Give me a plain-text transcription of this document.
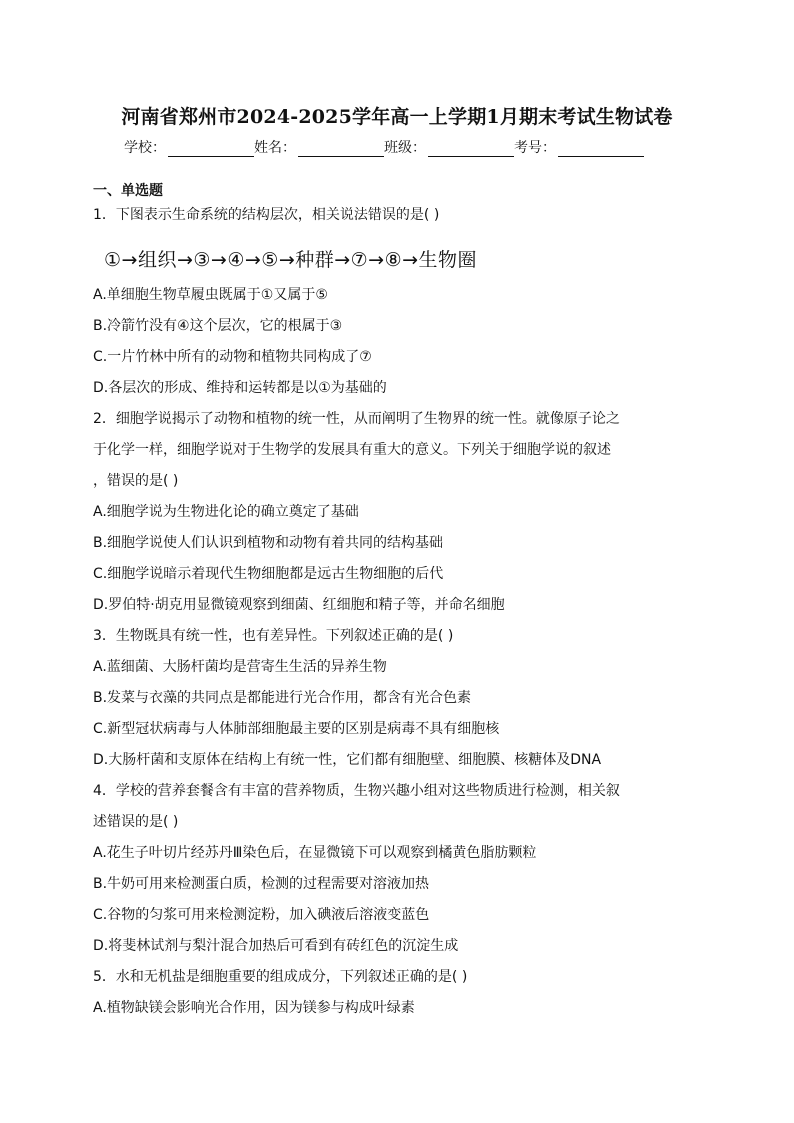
河南省郑州市2024-2025学年高一上学期1月期末考试生物试卷
学校：	姓名：	班级：	考号：
一、单选题
1．下图表示生命系统的结构层次，相关说法错误的是( )
①→组织→③→④→⑤→种群→⑦→⑧→生物圈
A.单细胞生物草履虫既属于①又属于⑤
B.冷箭竹没有④这个层次，它的根属于③
C.一片竹林中所有的动物和植物共同构成了⑦
D.各层次的形成、维持和运转都是以①为基础的
2．细胞学说揭示了动物和植物的统一性，从而阐明了生物界的统一性。就像原子论之
于化学一样，细胞学说对于生物学的发展具有重大的意义。下列关于细胞学说的叙述
，错误的是( )
A.细胞学说为生物进化论的确立奠定了基础
B.细胞学说使人们认识到植物和动物有着共同的结构基础
C.细胞学说暗示着现代生物细胞都是远古生物细胞的后代
D.罗伯特·胡克用显微镜观察到细菌、红细胞和精子等，并命名细胞
3．生物既具有统一性，也有差异性。下列叙述正确的是( )
A.蓝细菌、大肠杆菌均是营寄生生活的异养生物
B.发菜与衣藻的共同点是都能进行光合作用，都含有光合色素
C.新型冠状病毒与人体肺部细胞最主要的区别是病毒不具有细胞核
D.大肠杆菌和支原体在结构上有统一性，它们都有细胞壁、细胞膜、核糖体及DNA
4．学校的营养套餐含有丰富的营养物质，生物兴趣小组对这些物质进行检测，相关叙
述错误的是( )
A.花生子叶切片经苏丹Ⅲ染色后，在显微镜下可以观察到橘黄色脂肪颗粒
B.牛奶可用来检测蛋白质，检测的过程需要对溶液加热
C.谷物的匀浆可用来检测淀粉，加入碘液后溶液变蓝色
D.将斐林试剂与梨汁混合加热后可看到有砖红色的沉淀生成
5．水和无机盐是细胞重要的组成成分，下列叙述正确的是( )
A.植物缺镁会影响光合作用，因为镁参与构成叶绿素
